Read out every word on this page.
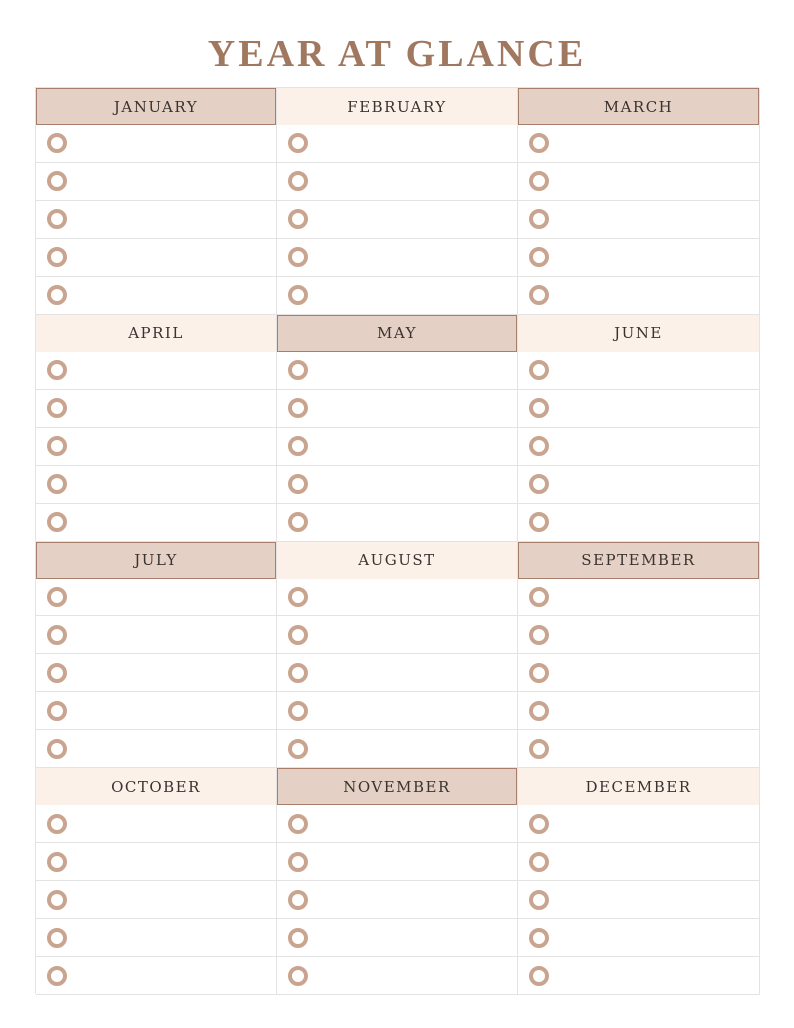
YEAR AT GLANCE
JANUARY	FEBRUARY	MARCH
APRIL	MAY	JUNE
JULY	AUGUST	SEPTEMBER
OCTOBER	NOVEMBER	DECEMBER
